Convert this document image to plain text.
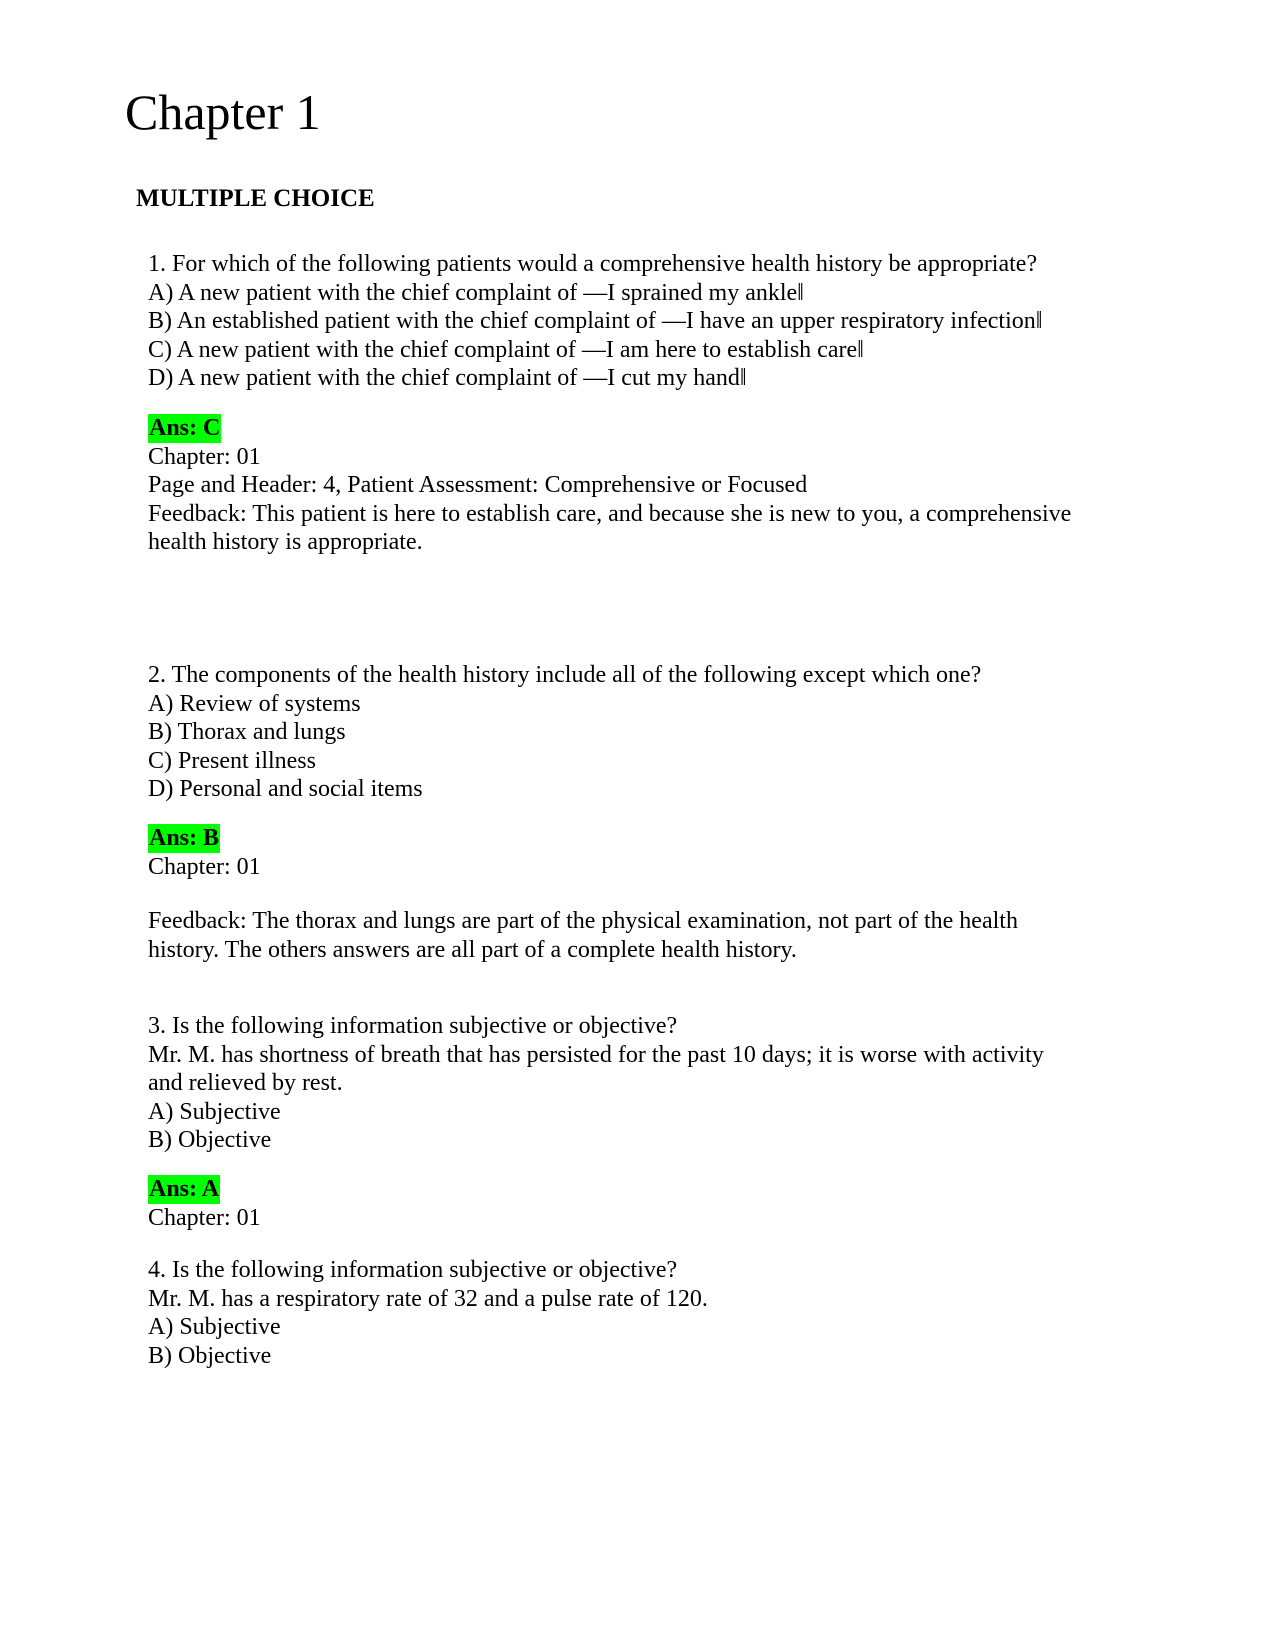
Chapter 1
MULTIPLE CHOICE
1. For which of the following patients would a comprehensive health history be appropriate?
A) A new patient with the chief complaint of —I sprained my ankle‖
B) An established patient with the chief complaint of —I have an upper respiratory infection‖
C) A new patient with the chief complaint of —I am here to establish care‖
D) A new patient with the chief complaint of —I cut my hand‖
Ans: C
Chapter: 01
Page and Header: 4, Patient Assessment: Comprehensive or Focused
Feedback: This patient is here to establish care, and because she is new to you, a comprehensive
health history is appropriate.
2. The components of the health history include all of the following except which one?
A) Review of systems
B) Thorax and lungs
C) Present illness
D) Personal and social items
Ans: B
Chapter: 01
Feedback: The thorax and lungs are part of the physical examination, not part of the health
history. The others answers are all part of a complete health history.
3. Is the following information subjective or objective?
Mr. M. has shortness of breath that has persisted for the past 10 days; it is worse with activity
and relieved by rest.
A) Subjective
B) Objective
Ans: A
Chapter: 01
4. Is the following information subjective or objective?
Mr. M. has a respiratory rate of 32 and a pulse rate of 120.
A) Subjective
B) Objective
